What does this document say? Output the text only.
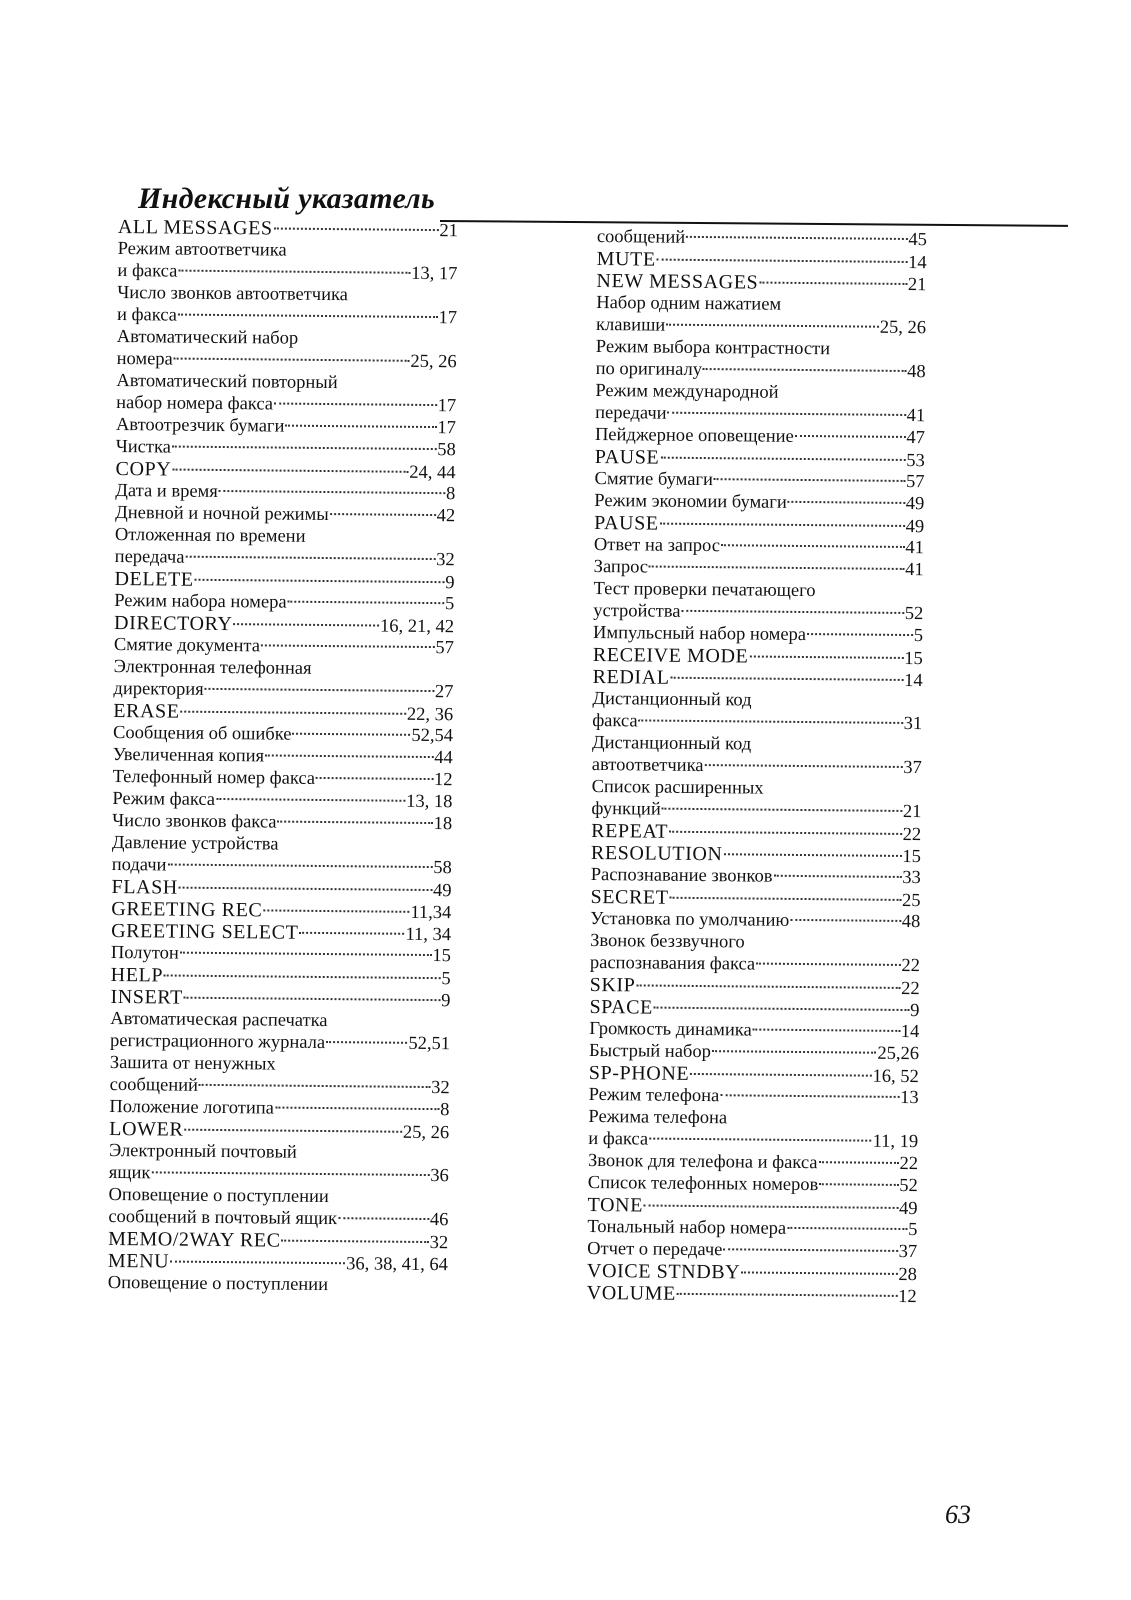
Индексный указатель
ALL MESSAGES	21
Режим автоответчика
и факса	13, 17
Число звонков автоответчика
и факса	17
Автоматический набор
номера	25, 26
Автоматический повторный
набор номера факса	17
Автоотрезчик бумаги	17
Чистка	58
COPY	24, 44
Дата и время	8
Дневной и ночной режимы	42
Отложенная по времени
передача	32
DELETE	9
Режим набора номера	5
DIRECTORY	16, 21, 42
Смятие документа	57
Электронная телефонная
директория	27
ERASE	22, 36
Сообщения об ошибке	52,54
Увеличенная копия	44
Телефонный номер факса	12
Режим факса	13, 18
Число звонков факса	18
Давление устройства
подачи	58
FLASH	49
GREETING REC	11,34
GREETING SELECT	11, 34
Полутон	15
HELP	5
INSERT	9
Автоматическая распечатка
регистрационного журнала	52,51
Зашита от ненужных
сообщений	32
Положение логотипа	8
LOWER	25, 26
Электронный почтовый
ящик	36
Оповещение о поступлении
сообщений в почтовый ящик	46
MEMO/2WAY REC	32
MENU	36, 38, 41, 64
Оповещение о поступлении
сообщений	45
MUTE	14
NEW MESSAGES	21
Набор одним нажатием
клавиши	25, 26
Режим выбора контрастности
по оригиналу	48
Режим международной
передачи	41
Пейджерное оповещение	47
PAUSE	53
Смятие бумаги	57
Режим экономии бумаги	49
PAUSE	49
Ответ на запрос	41
Запрос	41
Тест проверки печатающего
устройства	52
Импульсный набор номера	5
RECEIVE MODE	15
REDIAL	14
Дистанционный код
факса	31
Дистанционный код
автоответчика	37
Список расширенных
функций	21
REPEAT	22
RESOLUTION	15
Распознавание звонков	33
SECRET	25
Установка по умолчанию	48
Звонок беззвучного
распознавания факса	22
SKIP	22
SPACE	9
Громкость динамика	14
Быстрый набор	25,26
SP-PHONE	16, 52
Режим телефона	13
Режима телефона
и факса	11, 19
Звонок для телефона и факса	22
Список телефонных номеров	52
TONE	49
Тональный набор номера	5
Отчет о передаче	37
VOICE STNDBY	28
VOLUME	12
63
